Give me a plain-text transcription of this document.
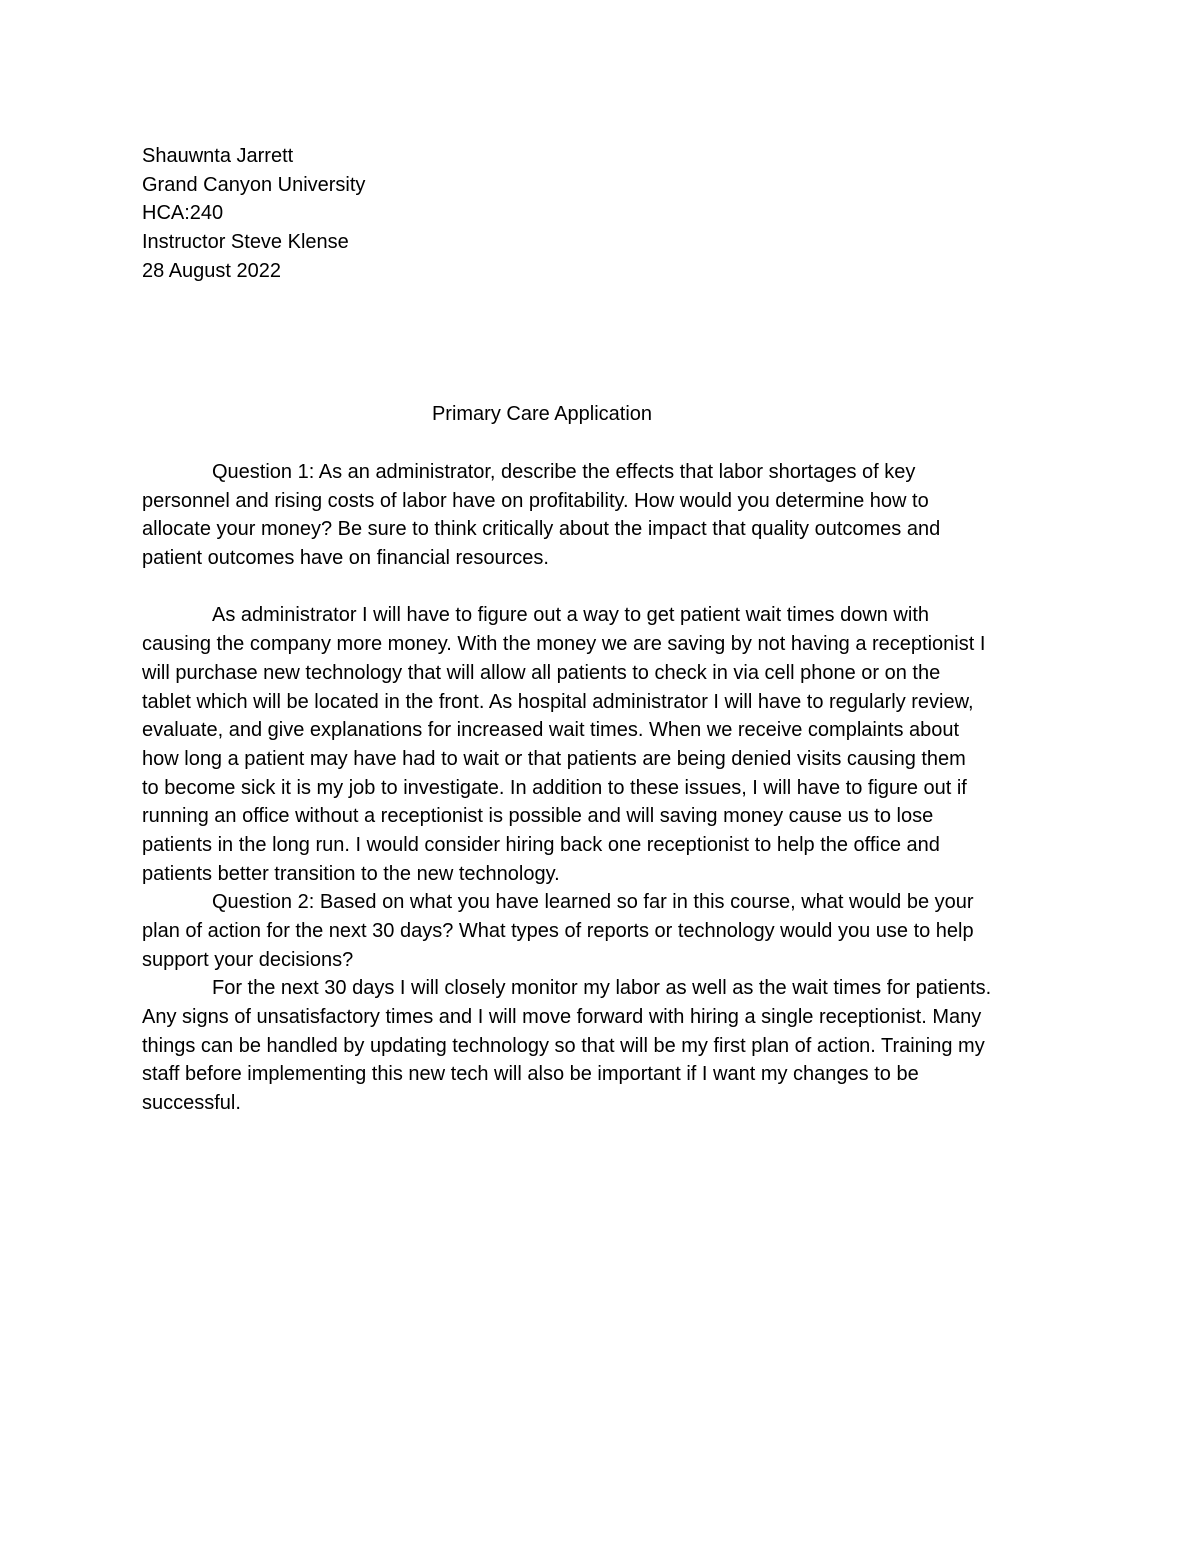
Shauwnta Jarrett
Grand Canyon University
HCA:240
Instructor Steve Klense
28 August 2022
Primary Care Application
Question 1: As an administrator, describe the effects that labor shortages of key
personnel and rising costs of labor have on profitability. How would you determine how to
allocate your money? Be sure to think critically about the impact that quality outcomes and
patient outcomes have on financial resources.
As administrator I will have to figure out a way to get patient wait times down with
causing the company more money. With the money we are saving by not having a receptionist I
will purchase new technology that will allow all patients to check in via cell phone or on the
tablet which will be located in the front. As hospital administrator I will have to regularly review,
evaluate, and give explanations for increased wait times. When we receive complaints about
how long a patient may have had to wait or that patients are being denied visits causing them
to become sick it is my job to investigate. In addition to these issues, I will have to figure out if
running an office without a receptionist is possible and will saving money cause us to lose
patients in the long run. I would consider hiring back one receptionist to help the office and
patients better transition to the new technology.
Question 2: Based on what you have learned so far in this course, what would be your
plan of action for the next 30 days? What types of reports or technology would you use to help
support your decisions?
For the next 30 days I will closely monitor my labor as well as the wait times for patients.
Any signs of unsatisfactory times and I will move forward with hiring a single receptionist. Many
things can be handled by updating technology so that will be my first plan of action. Training my
staff before implementing this new tech will also be important if I want my changes to be
successful.
